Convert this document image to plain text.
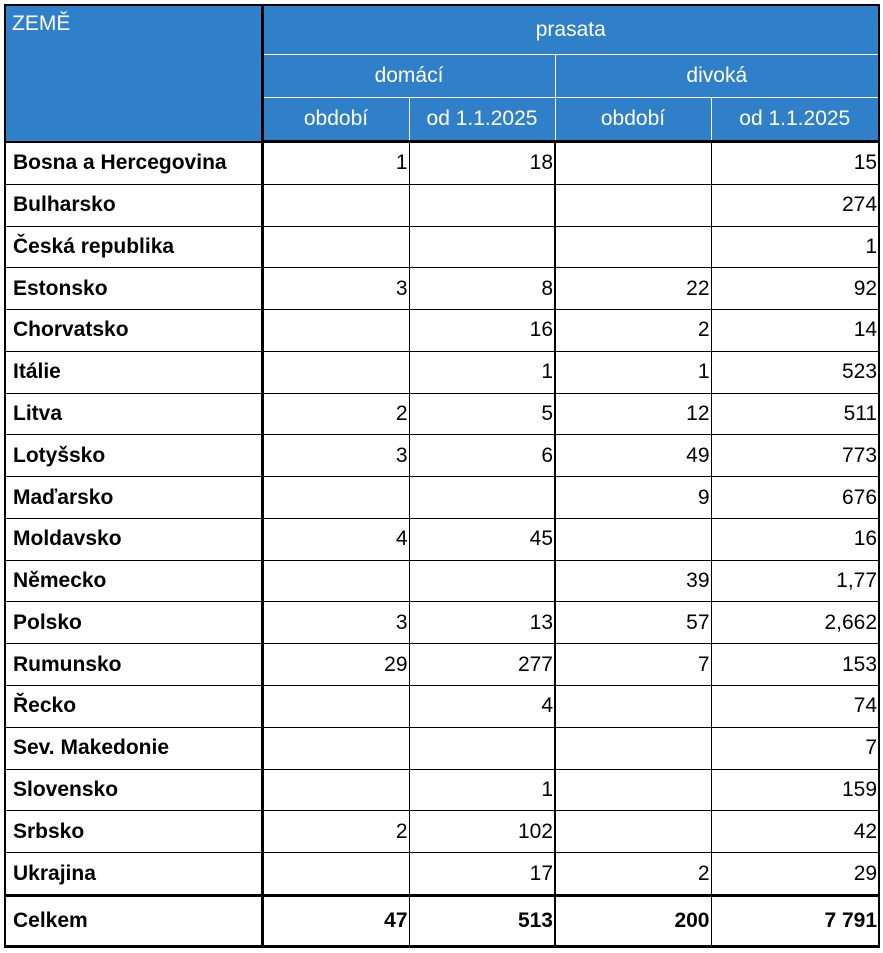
ZEMĚ	prasata			
	domácí		divoká	
	období	od 1.1.2025	období	od 1.1.2025
Bosna a Hercegovina	1	18		15
Bulharsko				274
Česká republika				1
Estonsko	3	8	22	92
Chorvatsko		16	2	14
Itálie		1	1	523
Litva	2	5	12	511
Lotyšsko	3	6	49	773
Maďarsko			9	676
Moldavsko	4	45		16
Německo			39	1,77
Polsko	3	13	57	2,662
Rumunsko	29	277	7	153
Řecko		4		74
Sev. Makedonie				7
Slovensko		1		159
Srbsko	2	102		42
Ukrajina		17	2	29
Celkem	47	513	200	7 791
